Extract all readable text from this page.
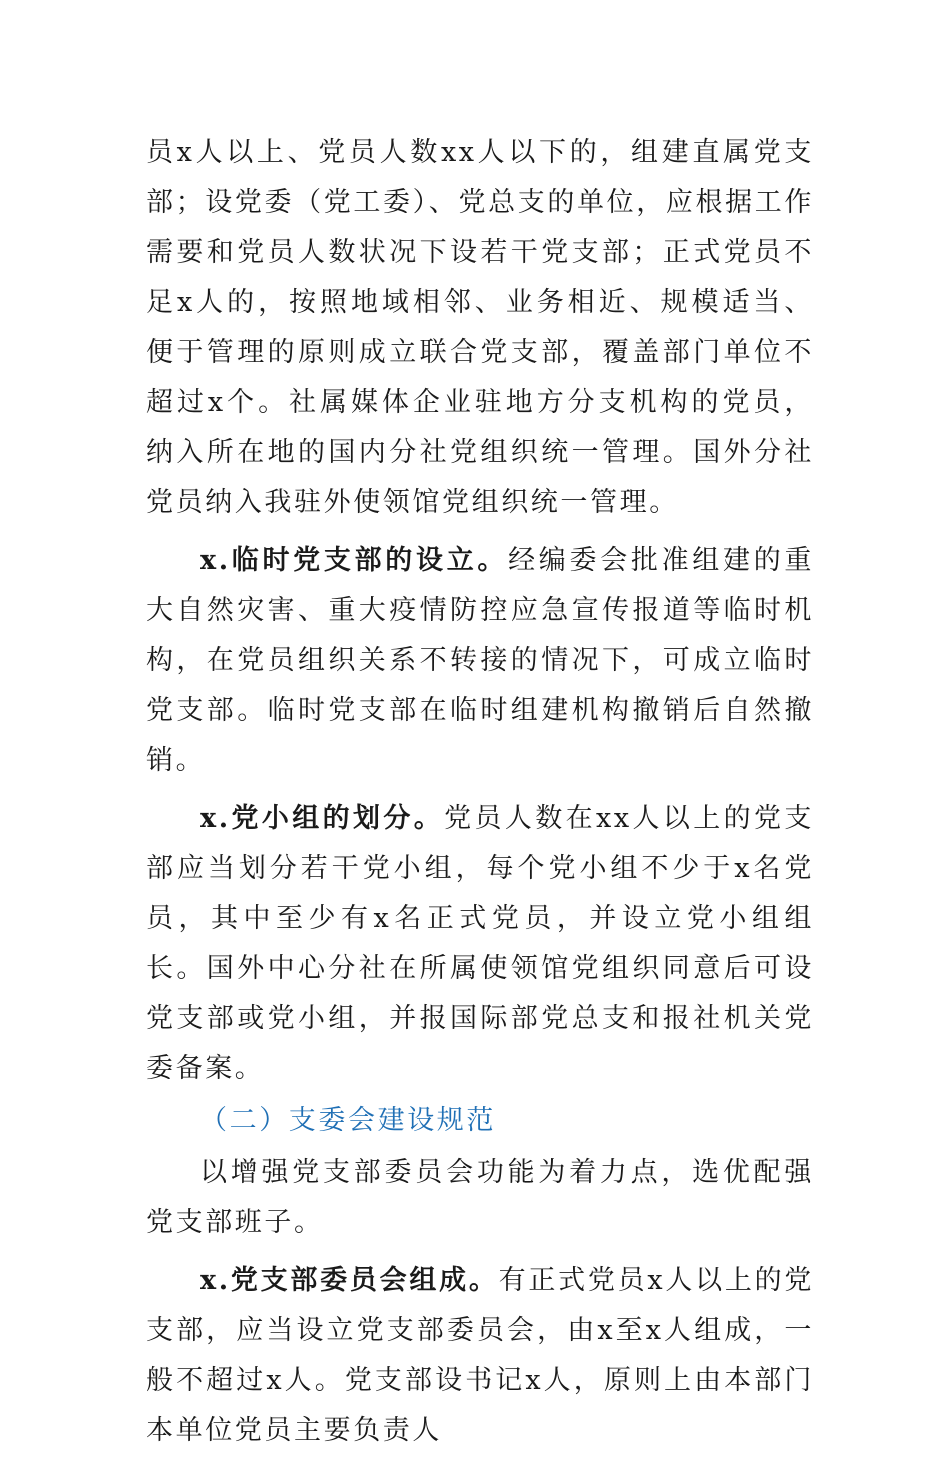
员x人以上、党员人数xx人以下的，组建直属党支部；设党委（党工委）、党总支的单位，应根据工作需要和党员人数状况下设若干党支部；正式党员不足x人的，按照地域相邻、业务相近、规模适当、便于管理的原则成立联合党支部，覆盖部门单位不超过x个。社属媒体企业驻地方分支机构的党员，纳入所在地的国内分社党组织统一管理。国外分社党员纳入我驻外使领馆党组织统一管理。

x.临时党支部的设立。经编委会批准组建的重大自然灾害、重大疫情防控应急宣传报道等临时机构，在党员组织关系不转接的情况下，可成立临时党支部。临时党支部在临时组建机构撤销后自然撤销。

x.党小组的划分。党员人数在xx人以上的党支部应当划分若干党小组，每个党小组不少于x名党员，其中至少有x名正式党员，并设立党小组组长。国外中心分社在所属使领馆党组织同意后可设党支部或党小组，并报国际部党总支和报社机关党委备案。

（二）支委会建设规范

以增强党支部委员会功能为着力点，选优配强党支部班子。

x.党支部委员会组成。有正式党员x人以上的党支部，应当设立党支部委员会，由x至x人组成，一般不超过x人。党支部设书记x人，原则上由本部门本单位党员主要负责人
